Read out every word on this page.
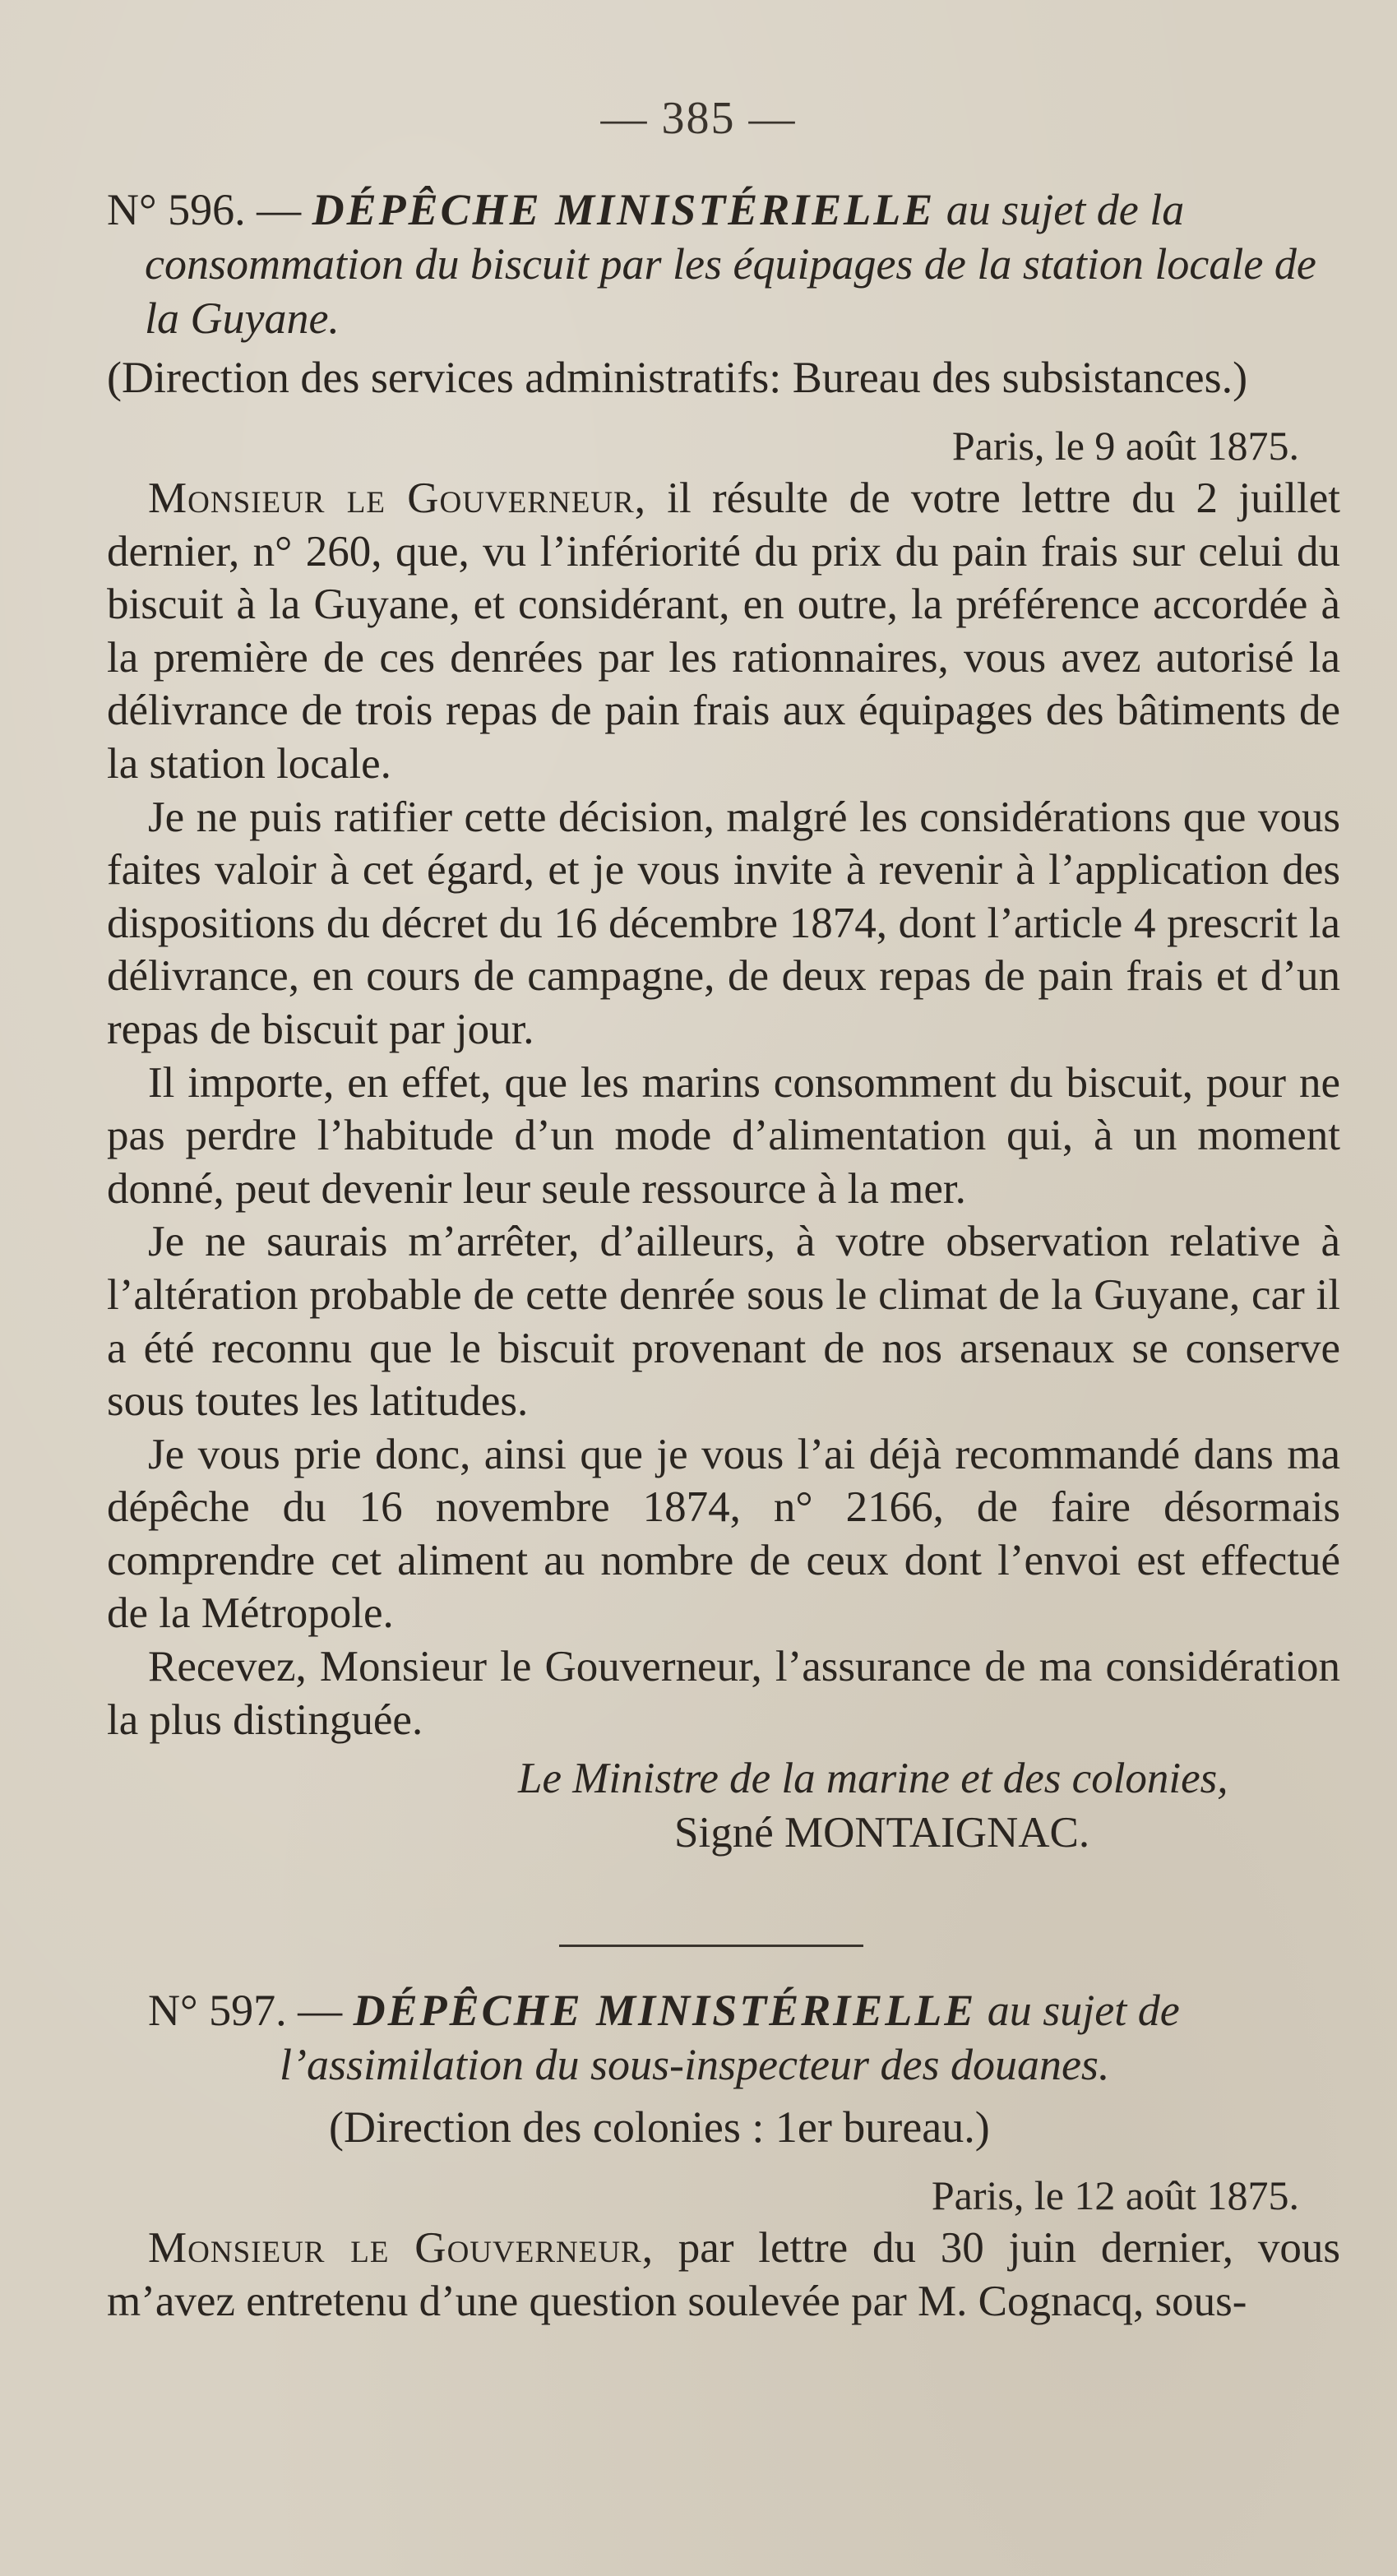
— 385 —
N° 596. — DÉPÊCHE MINISTÉRIELLE au sujet de la consommation du biscuit par les équipages de la station locale de la Guyane.
(Direction des services administratifs: Bureau des subsistances.)
Paris, le 9 août 1875.

Monsieur le Gouverneur, il résulte de votre lettre du 2 juillet dernier, n° 260, que, vu l’infériorité du prix du pain frais sur celui du biscuit à la Guyane, et considérant, en outre, la préférence accordée à la première de ces denrées par les rationnaires, vous avez autorisé la délivrance de trois repas de pain frais aux équipages des bâtiments de la station locale.

Je ne puis ratifier cette décision, malgré les considérations que vous faites valoir à cet égard, et je vous invite à revenir à l’application des dispositions du décret du 16 décembre 1874, dont l’article 4 prescrit la délivrance, en cours de campagne, de deux repas de pain frais et d’un repas de biscuit par jour.

Il importe, en effet, que les marins consomment du biscuit, pour ne pas perdre l’habitude d’un mode d’alimentation qui, à un moment donné, peut devenir leur seule ressource à la mer.

Je ne saurais m’arrêter, d’ailleurs, à votre observation relative à l’altération probable de cette denrée sous le climat de la Guyane, car il a été reconnu que le biscuit provenant de nos arsenaux se conserve sous toutes les latitudes.

Je vous prie donc, ainsi que je vous l’ai déjà recommandé dans ma dépêche du 16 novembre 1874, n° 2166, de faire désormais comprendre cet aliment au nombre de ceux dont l’envoi est effectué de la Métropole.

Recevez, Monsieur le Gouverneur, l’assurance de ma considération la plus distinguée.

Le Ministre de la marine et des colonies,
Signé MONTAIGNAC.
N° 597. — DÉPÊCHE MINISTÉRIELLE au sujet de l’assimilation du sous-inspecteur des douanes.
(Direction des colonies : 1er bureau.)
Paris, le 12 août 1875.

Monsieur le Gouverneur, par lettre du 30 juin dernier, vous m’avez entretenu d’une question soulevée par M. Cognacq, sous-
